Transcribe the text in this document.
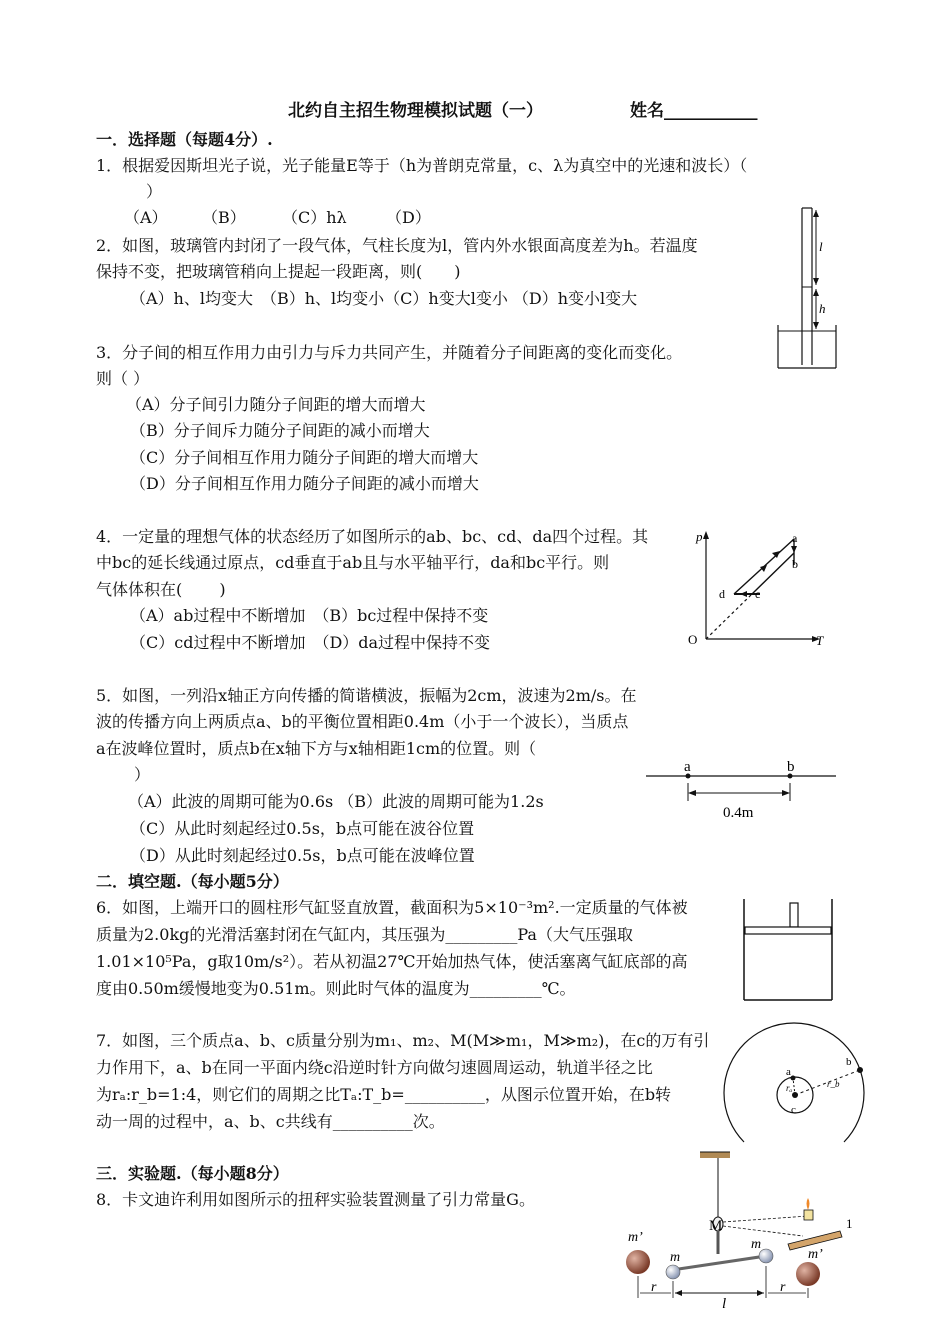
北约自主招生物理模拟试题（一）	姓名___________
一．选择题（每题4分）.
1．根据爱因斯坦光子说，光子能量E等于（h为普朗克常量，c、λ为真空中的光速和波长）（
）
（A） （B） （C）hλ （D）
2．如图，玻璃管内封闭了一段气体，气柱长度为l，管内外水银面高度差为h。若温度
保持不变，把玻璃管稍向上提起一段距离，则(　　)
（A）h、l均变大　（B）h、l均变小（C）h变大l变小 （D）h变小l变大
l
h
3．分子间的相互作用力由引力与斥力共同产生，并随着分子间距离的变化而变化。
则（ ）
（A）分子间引力随分子间距的增大而增大
（B）分子间斥力随分子间距的减小而增大
（C）分子间相互作用力随分子间距的增大而增大
（D）分子间相互作用力随分子间距的减小而增大
4．一定量的理想气体的状态经历了如图所示的ab、bc、cd、da四个过程。其
中bc的延长线通过原点，cd垂直于ab且与水平轴平行，da和bc平行。则
气体体积在(　　 )
（A）ab过程中不断增加　（B）bc过程中保持不变
（C）cd过程中不断增加　（D）da过程中保持不变
p
T
O
a
b
c
d
5．如图，一列沿x轴正方向传播的简谐横波，振幅为2cm，波速为2m/s。在
波的传播方向上两质点a、b的平衡位置相距0.4m（小于一个波长），当质点
a在波峰位置时，质点b在x轴下方与x轴相距1cm的位置。则（
）
（A）此波的周期可能为0.6s （B）此波的周期可能为1.2s
（C）从此时刻起经过0.5s，b点可能在波谷位置
（D）从此时刻起经过0.5s，b点可能在波峰位置
a	b
0.4m
二．填空题.（每小题5分）
6．如图，上端开口的圆柱形气缸竖直放置，截面积为5×10⁻³m².一定质量的气体被
质量为2.0kg的光滑活塞封闭在气缸内，其压强为_________Pa（大气压强取
1.01×10⁵Pa，g取10m/s²）。若从初温27℃开始加热气体，使活塞离气缸底部的高
度由0.50m缓慢地变为0.51m。则此时气体的温度为_________℃。
7．如图，三个质点a、b、c质量分别为m₁、m₂、M(M≫m₁，M≫m₂)，在c的万有引
力作用下，a、b在同一平面内绕c沿逆时针方向做匀速圆周运动，轨道半径之比
为rₐ:r_b=1:4，则它们的周期之比Tₐ:T_b=__________，从图示位置开始，在b转
动一周的过程中，a、b、c共线有__________次。
a
b
c
rₐ	r_b
三．实验题.（每小题8分）
8．卡文迪许利用如图所示的扭秤实验装置测量了引力常量G。
M	1
m’
m’
m
m
r
l
r
